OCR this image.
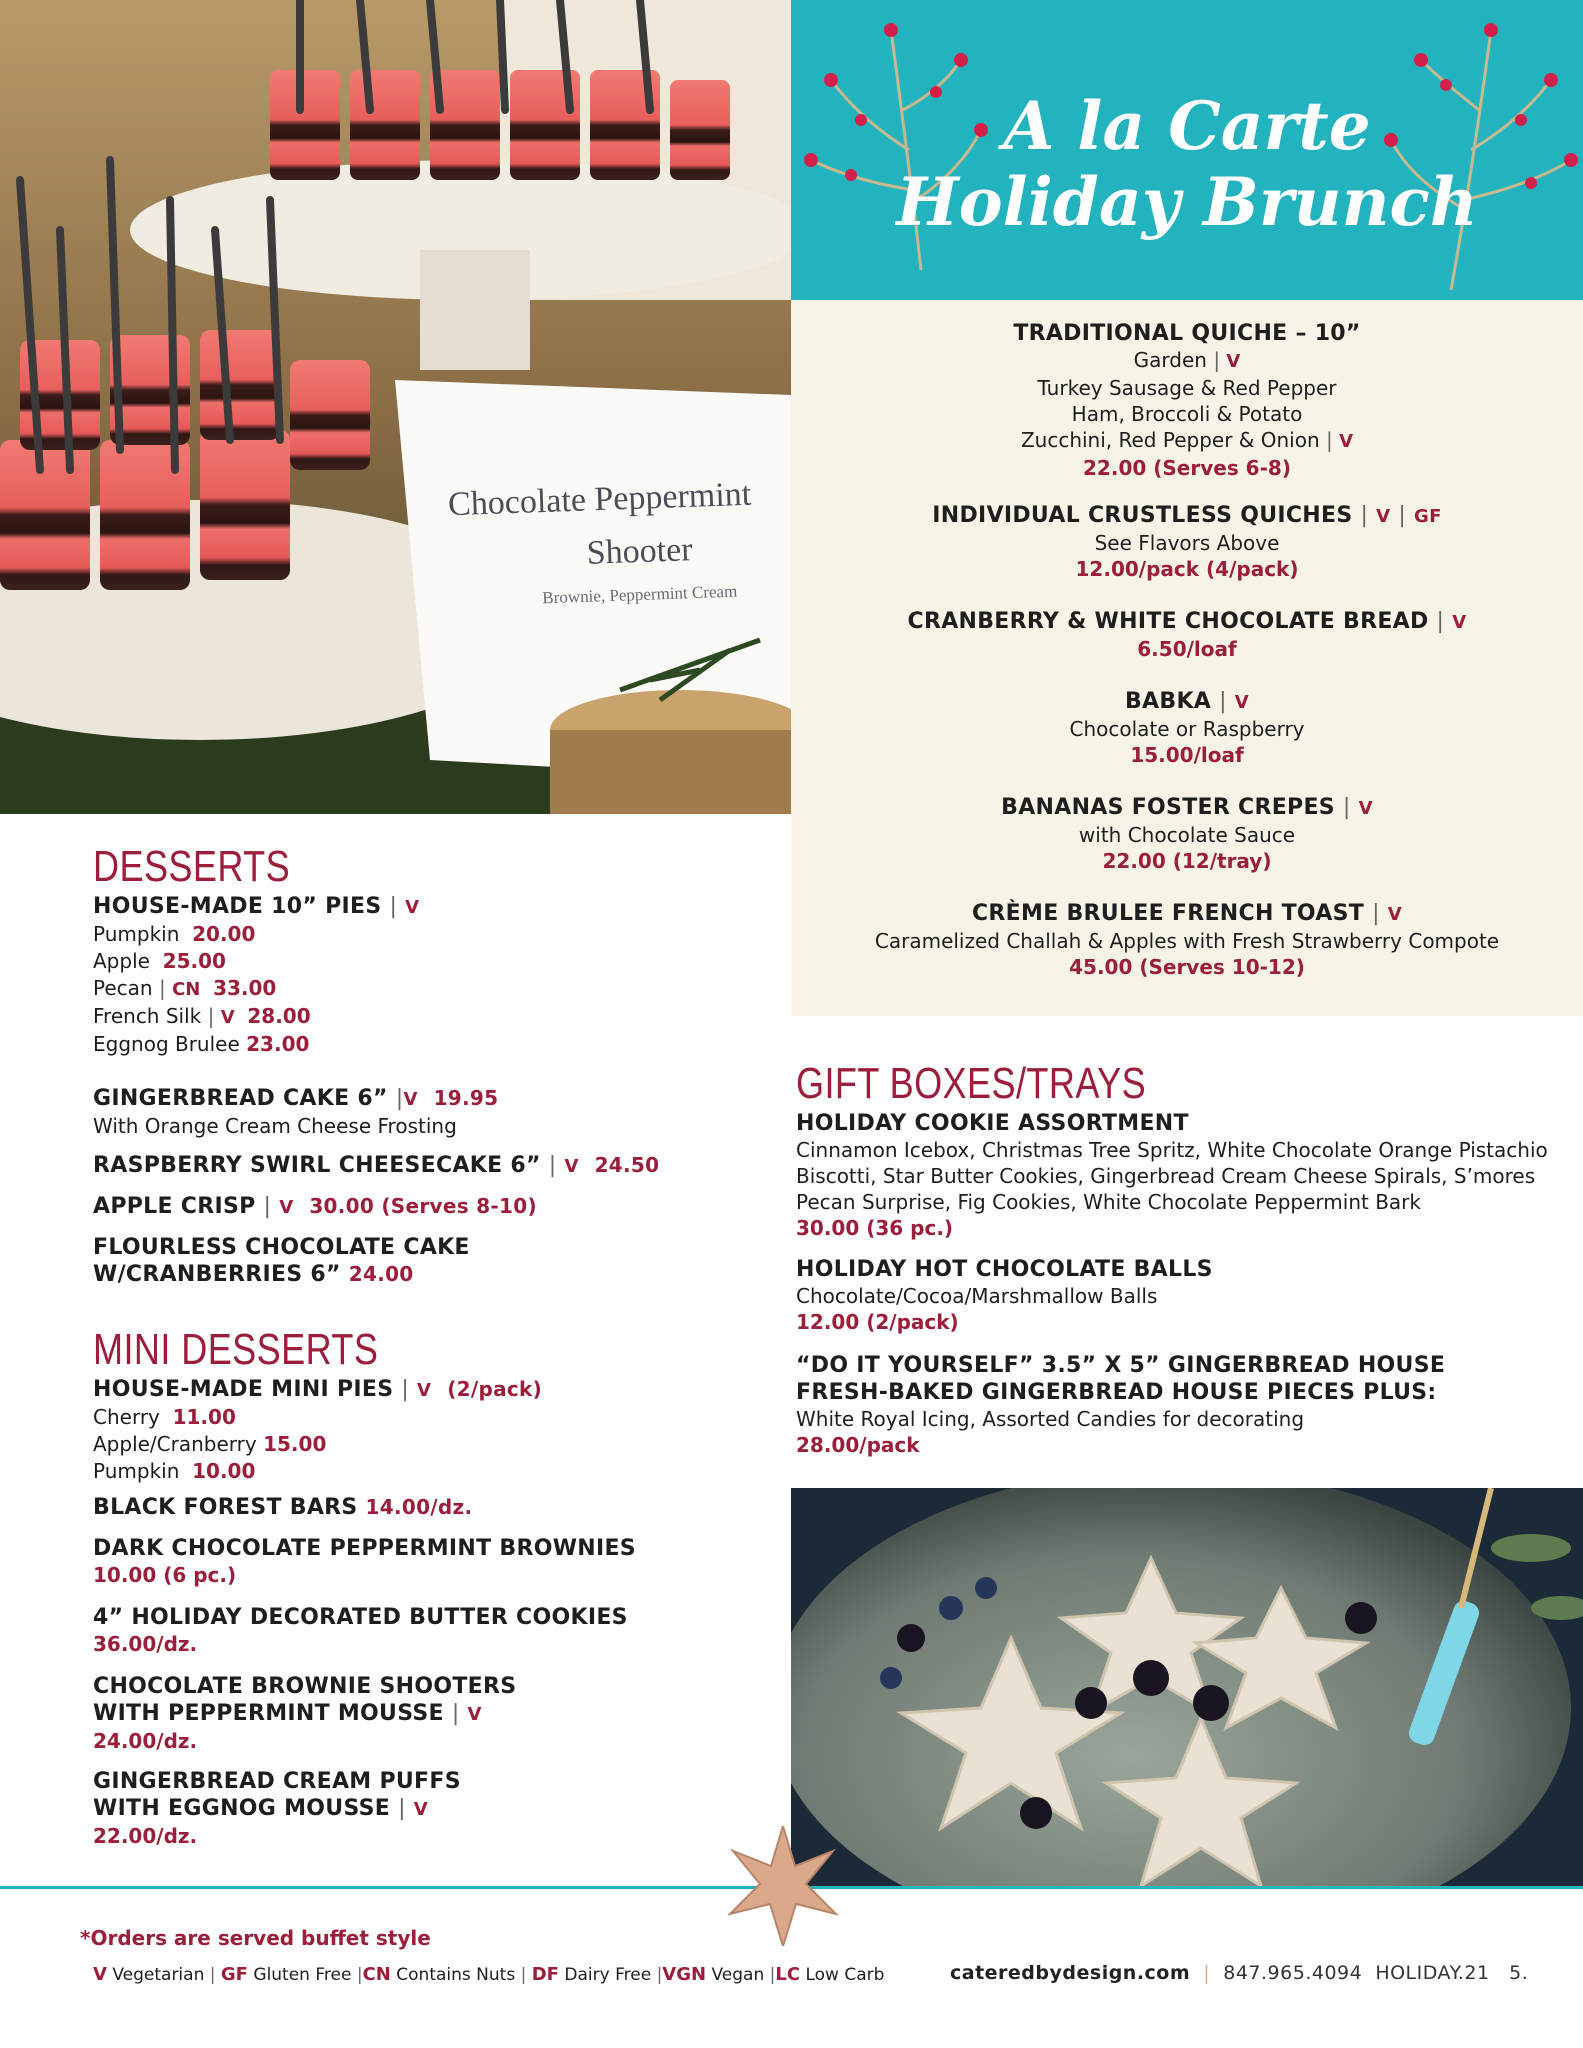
Chocolate Peppermint
Shooter
Brownie, Peppermint Cream
A la Carte
Holiday Brunch
TRADITIONAL QUICHE – 10”
Garden | V
Turkey Sausage & Red Pepper
Ham, Broccoli & Potato
Zucchini, Red Pepper & Onion | V
22.00 (Serves 6-8)
INDIVIDUAL CRUSTLESS QUICHES | V | GF
See Flavors Above
12.00/pack (4/pack)
CRANBERRY & WHITE CHOCOLATE BREAD | V
6.50/loaf
BABKA | V
Chocolate or Raspberry
15.00/loaf
BANANAS FOSTER CREPES | V
with Chocolate Sauce
22.00 (12/tray)
CRÈME BRULEE FRENCH TOAST | V
Caramelized Challah & Apples with Fresh Strawberry Compote
45.00 (Serves 10-12)
DESSERTS
HOUSE-MADE 10” PIES | V
Pumpkin 20.00
Apple 25.00
Pecan | CN 33.00
French Silk | V 28.00
Eggnog Brulee 23.00
GINGERBREAD CAKE 6” |V 19.95
With Orange Cream Cheese Frosting
RASPBERRY SWIRL CHEESECAKE 6” | V 24.50
APPLE CRISP | V 30.00 (Serves 8-10)
FLOURLESS CHOCOLATE CAKE
W/CRANBERRIES 6” 24.00
MINI DESSERTS
HOUSE-MADE MINI PIES | V (2/pack)
Cherry 11.00
Apple/Cranberry 15.00
Pumpkin 10.00
BLACK FOREST BARS 14.00/dz.
DARK CHOCOLATE PEPPERMINT BROWNIES
10.00 (6 pc.)
4” HOLIDAY DECORATED BUTTER COOKIES
36.00/dz.
CHOCOLATE BROWNIE SHOOTERS
WITH PEPPERMINT MOUSSE | V
24.00/dz.
GINGERBREAD CREAM PUFFS
WITH EGGNOG MOUSSE | V
22.00/dz.
GIFT BOXES/TRAYS
HOLIDAY COOKIE ASSORTMENT
Cinnamon Icebox, Christmas Tree Spritz, White Chocolate Orange Pistachio
Biscotti, Star Butter Cookies, Gingerbread Cream Cheese Spirals, S’mores
Pecan Surprise, Fig Cookies, White Chocolate Peppermint Bark
30.00 (36 pc.)
HOLIDAY HOT CHOCOLATE BALLS
Chocolate/Cocoa/Marshmallow Balls
12.00 (2/pack)
“DO IT YOURSELF” 3.5” X 5” GINGERBREAD HOUSE
FRESH-BAKED GINGERBREAD HOUSE PIECES PLUS:
White Royal Icing, Assorted Candies for decorating
28.00/pack
*Orders are served buffet style
V Vegetarian | GF Gluten Free |CN Contains Nuts | DF Dairy Free |VGN Vegan |LC Low Carb	cateredbydesign.com  |  847.965.4094 HOLIDAY.21 5.
